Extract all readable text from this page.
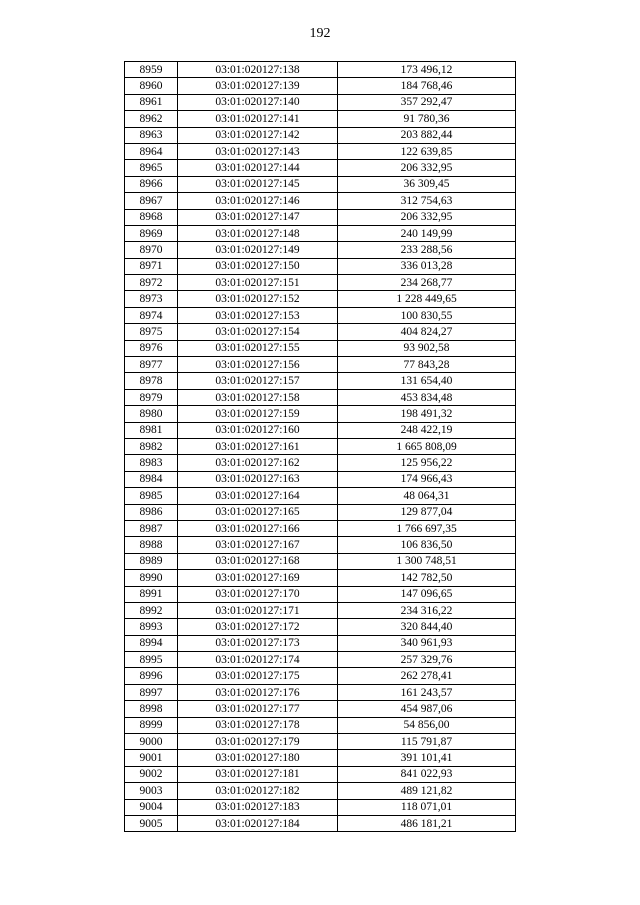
192
8959	03:01:020127:138	173 496,12
8960	03:01:020127:139	184 768,46
8961	03:01:020127:140	357 292,47
8962	03:01:020127:141	91 780,36
8963	03:01:020127:142	203 882,44
8964	03:01:020127:143	122 639,85
8965	03:01:020127:144	206 332,95
8966	03:01:020127:145	36 309,45
8967	03:01:020127:146	312 754,63
8968	03:01:020127:147	206 332,95
8969	03:01:020127:148	240 149,99
8970	03:01:020127:149	233 288,56
8971	03:01:020127:150	336 013,28
8972	03:01:020127:151	234 268,77
8973	03:01:020127:152	1 228 449,65
8974	03:01:020127:153	100 830,55
8975	03:01:020127:154	404 824,27
8976	03:01:020127:155	93 902,58
8977	03:01:020127:156	77 843,28
8978	03:01:020127:157	131 654,40
8979	03:01:020127:158	453 834,48
8980	03:01:020127:159	198 491,32
8981	03:01:020127:160	248 422,19
8982	03:01:020127:161	1 665 808,09
8983	03:01:020127:162	125 956,22
8984	03:01:020127:163	174 966,43
8985	03:01:020127:164	48 064,31
8986	03:01:020127:165	129 877,04
8987	03:01:020127:166	1 766 697,35
8988	03:01:020127:167	106 836,50
8989	03:01:020127:168	1 300 748,51
8990	03:01:020127:169	142 782,50
8991	03:01:020127:170	147 096,65
8992	03:01:020127:171	234 316,22
8993	03:01:020127:172	320 844,40
8994	03:01:020127:173	340 961,93
8995	03:01:020127:174	257 329,76
8996	03:01:020127:175	262 278,41
8997	03:01:020127:176	161 243,57
8998	03:01:020127:177	454 987,06
8999	03:01:020127:178	54 856,00
9000	03:01:020127:179	115 791,87
9001	03:01:020127:180	391 101,41
9002	03:01:020127:181	841 022,93
9003	03:01:020127:182	489 121,82
9004	03:01:020127:183	118 071,01
9005	03:01:020127:184	486 181,21
